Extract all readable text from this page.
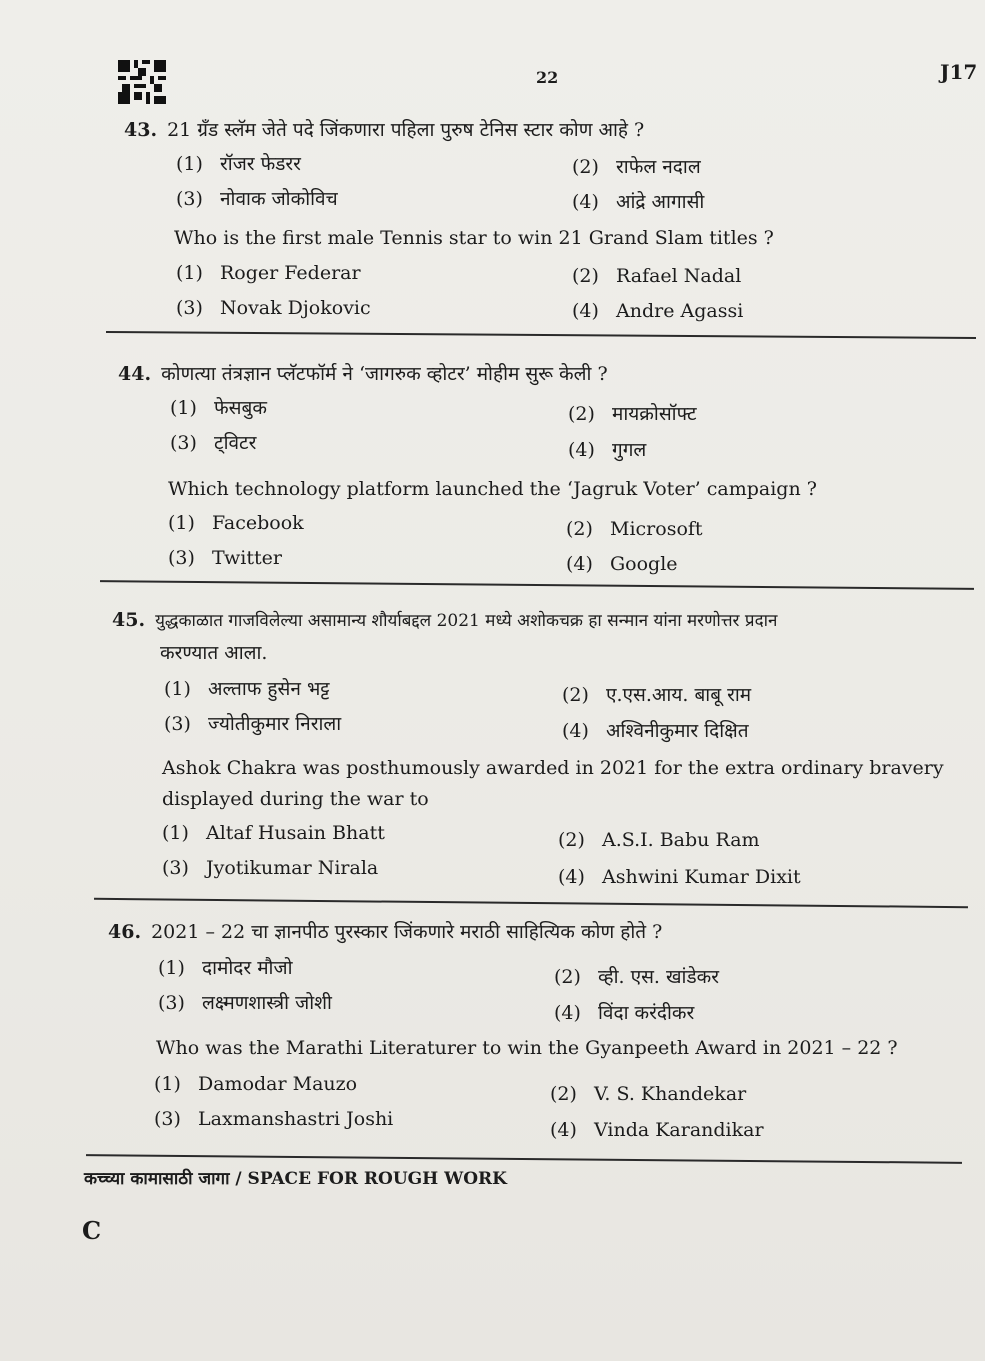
22	J17
43. 21 ग्रँड स्लॅम जेते पदे जिंकणारा पहिला पुरुष टेनिस स्टार कोण आहे ?
(1) रॉजर फेडरर	(2) राफेल नदाल
(3) नोवाक जोकोविच	(4) आंद्रे आगासी
Who is the first male Tennis star to win 21 Grand Slam titles ?
(1) Roger Federar	(2) Rafael Nadal
(3) Novak Djokovic	(4) Andre Agassi
44. कोणत्या तंत्रज्ञान प्लॅटफॉर्म ने ‘जागरुक व्होटर’ मोहीम सुरू केली ?
(1) फेसबुक	(2) मायक्रोसॉफ्ट
(3) ट्विटर	(4) गुगल
Which technology platform launched the ‘Jagruk Voter’ campaign ?
(1) Facebook	(2) Microsoft
(3) Twitter	(4) Google
45. युद्धकाळात गाजविलेल्या असामान्य शौर्याबद्दल 2021 मध्ये अशोकचक्र हा सन्मान यांना मरणोत्तर प्रदान
करण्यात आला.
(1) अल्ताफ हुसेन भट्ट	(2) ए.एस.आय. बाबू राम
(3) ज्योतीकुमार निराला	(4) अश्विनीकुमार दिक्षित
Ashok Chakra was posthumously awarded in 2021 for the extra ordinary bravery
displayed during the war to
(1) Altaf Husain Bhatt	(2) A.S.I. Babu Ram
(3) Jyotikumar Nirala	(4) Ashwini Kumar Dixit
46. 2021 – 22 चा ज्ञानपीठ पुरस्कार जिंकणारे मराठी साहित्यिक कोण होते ?
(1) दामोदर मौजो	(2) व्ही. एस. खांडेकर
(3) लक्ष्मणशास्त्री जोशी	(4) विंदा करंदीकर
Who was the Marathi Literaturer to win the Gyanpeeth Award in 2021 – 22 ?
(1) Damodar Mauzo	(2) V. S. Khandekar
(3) Laxmanshastri Joshi	(4) Vinda Karandikar
कच्च्या कामासाठी जागा / SPACE FOR ROUGH WORK
C
